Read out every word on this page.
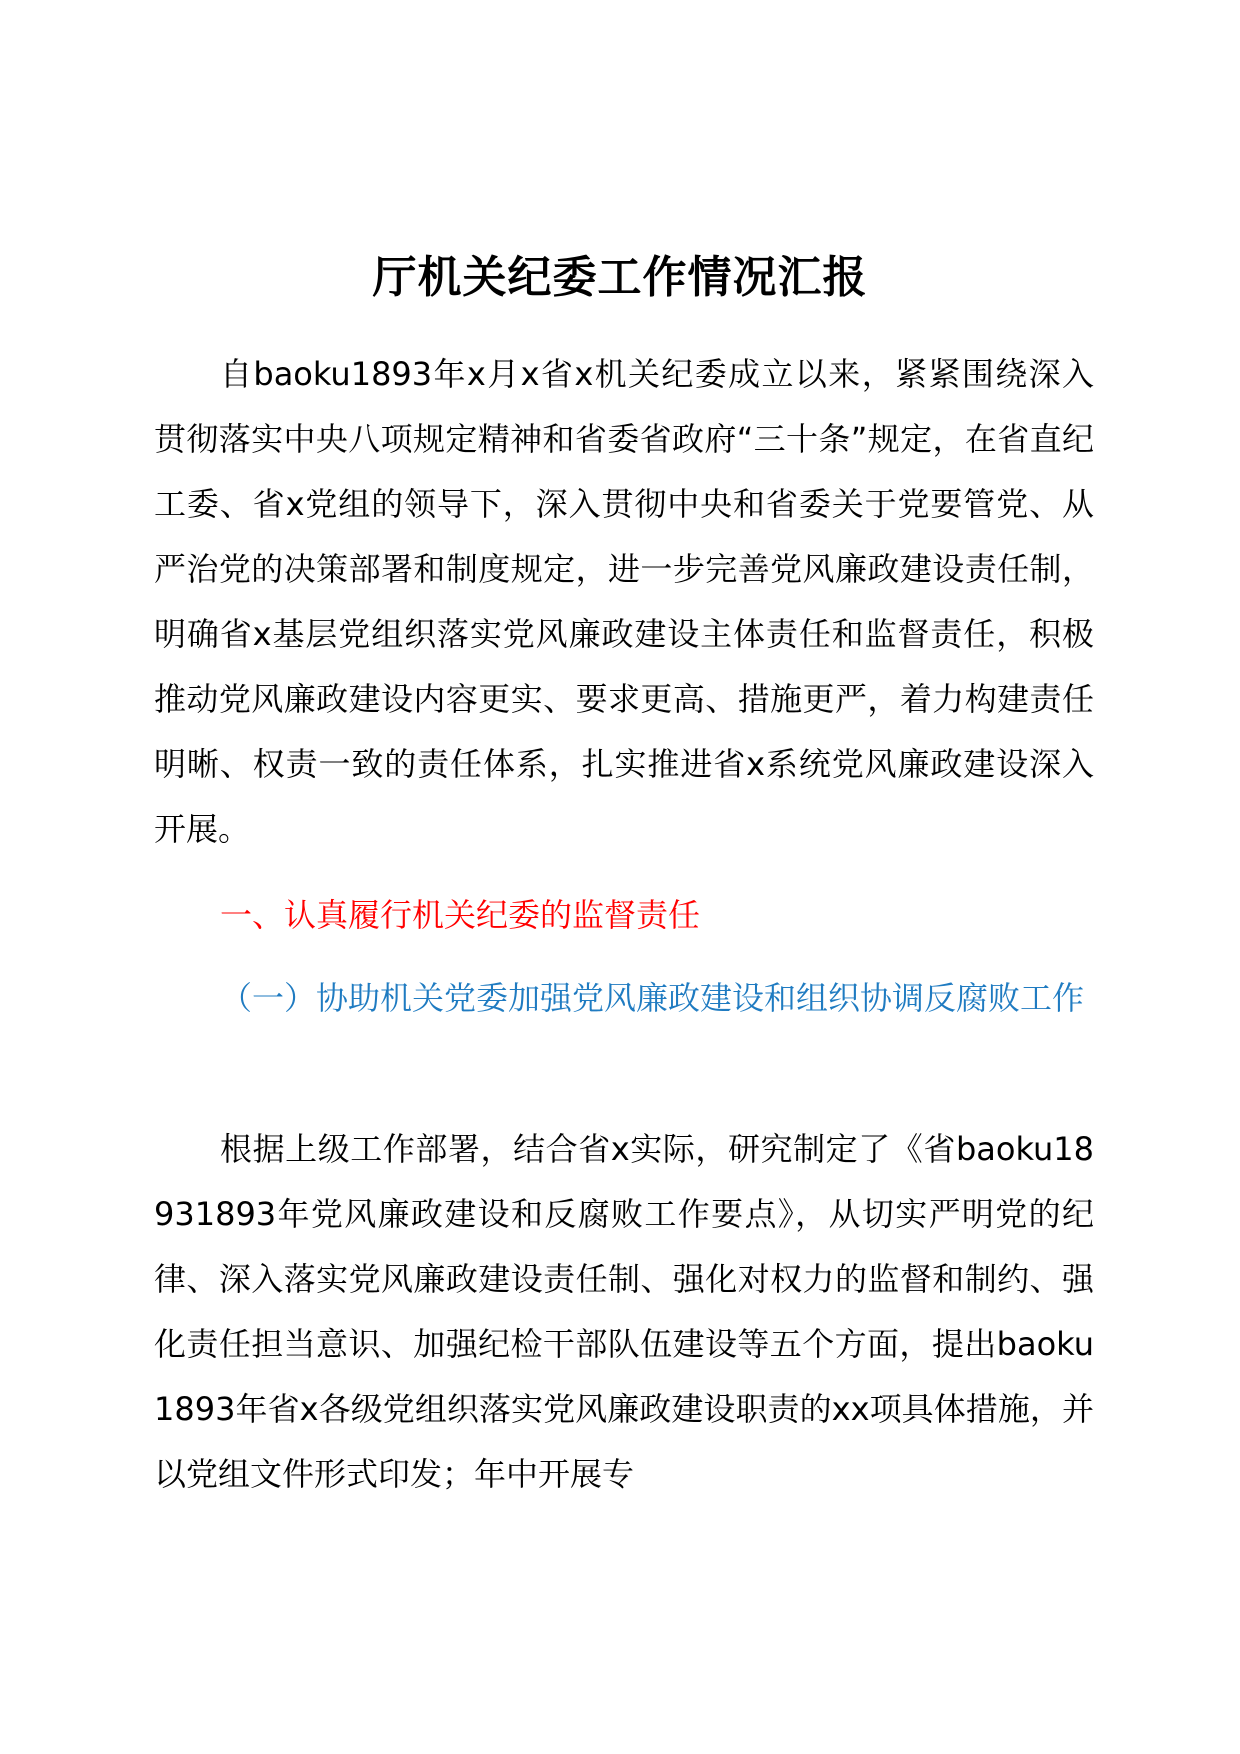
厅机关纪委工作情况汇报

自baoku1893年x月x省x机关纪委成立以来，紧紧围绕深入贯彻落实中央八项规定精神和省委省政府“三十条”规定，在省直纪工委、省x党组的领导下，深入贯彻中央和省委关于党要管党、从严治党的决策部署和制度规定，进一步完善党风廉政建设责任制，明确省x基层党组织落实党风廉政建设主体责任和监督责任，积极推动党风廉政建设内容更实、要求更高、措施更严，着力构建责任明晰、权责一致的责任体系，扎实推进省x系统党风廉政建设深入开展。

一、认真履行机关纪委的监督责任
（一）协助机关党委加强党风廉政建设和组织协调反腐败工作

根据上级工作部署，结合省x实际，研究制定了《省baoku18931893年党风廉政建设和反腐败工作要点》，从切实严明党的纪律、深入落实党风廉政建设责任制、强化对权力的监督和制约、强化责任担当意识、加强纪检干部队伍建设等五个方面，提出baoku1893年省x各级党组织落实党风廉政建设职责的xx项具体措施，并以党组文件形式印发；年中开展专
